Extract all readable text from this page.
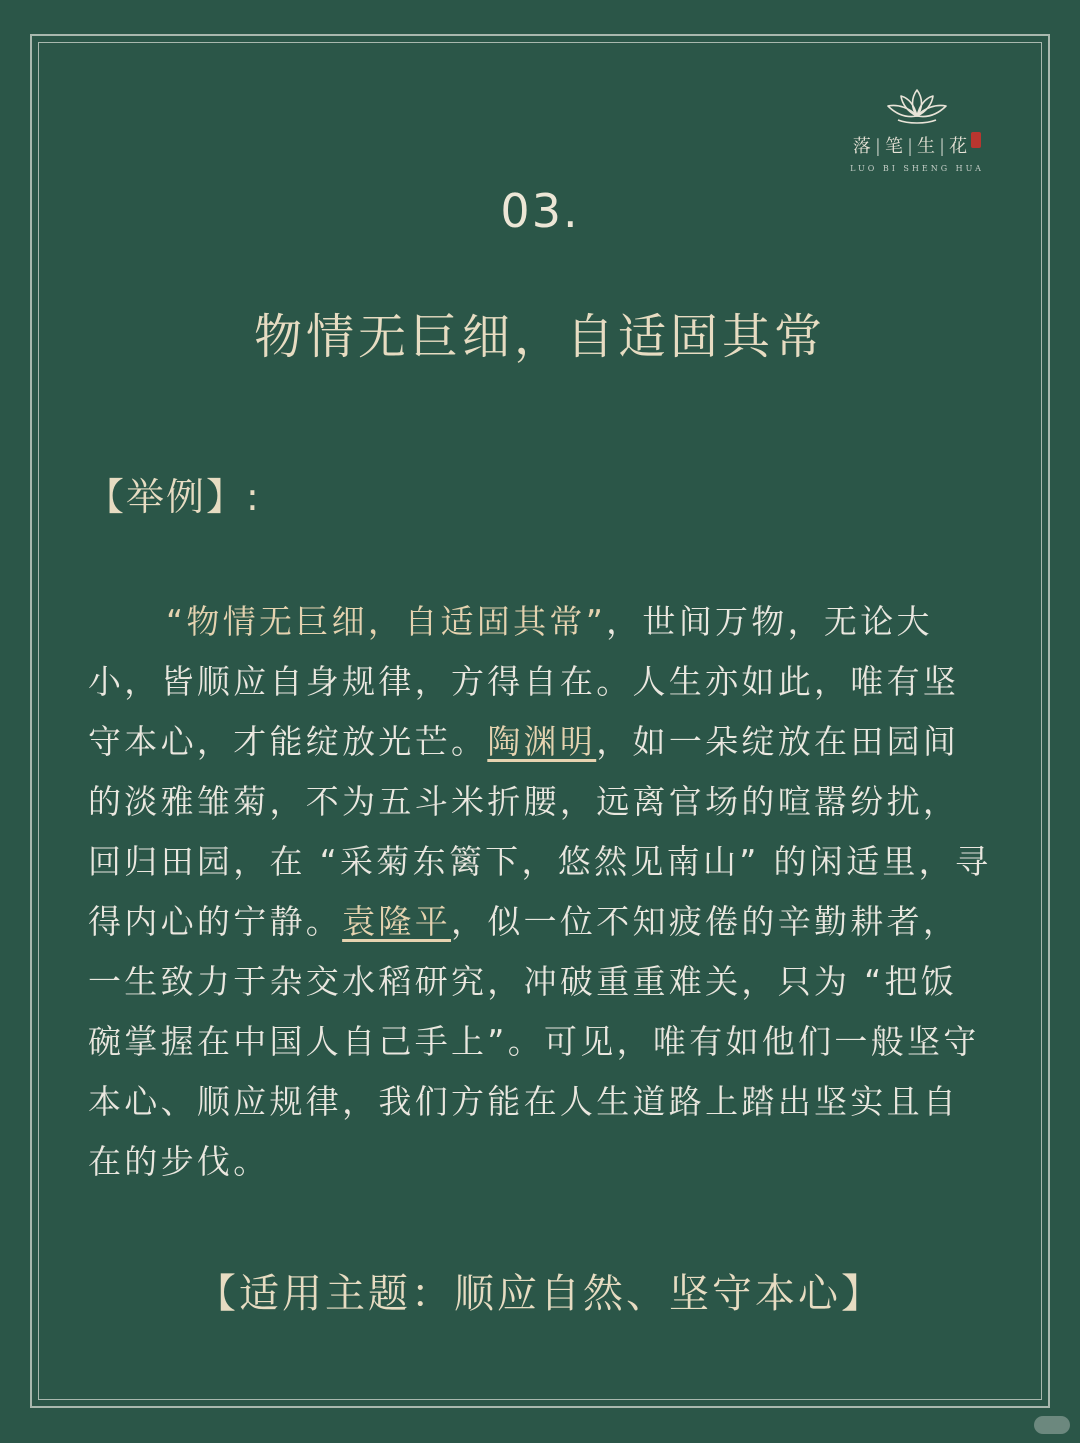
落 | 笔 | 生 | 花
LUO BI SHENG HUA
03.
物情无巨细，自适固其常
【举例】:

“物情无巨细，自适固其常”，世间万物，无论大小，皆顺应自身规律，方得自在。人生亦如此，唯有坚守本心，才能绽放光芒。陶渊明，如一朵绽放在田园间的淡雅雏菊，不为五斗米折腰，远离官场的喧嚣纷扰，回归田园，在 “采菊东篱下，悠然见南山” 的闲适里，寻得内心的宁静。袁隆平，似一位不知疲倦的辛勤耕者，一生致力于杂交水稻研究，冲破重重难关，只为 “把饭碗掌握在中国人自己手上”。可见，唯有如他们一般坚守本心、顺应规律，我们方能在人生道路上踏出坚实且自在的步伐。

【适用主题：顺应自然、坚守本心】
